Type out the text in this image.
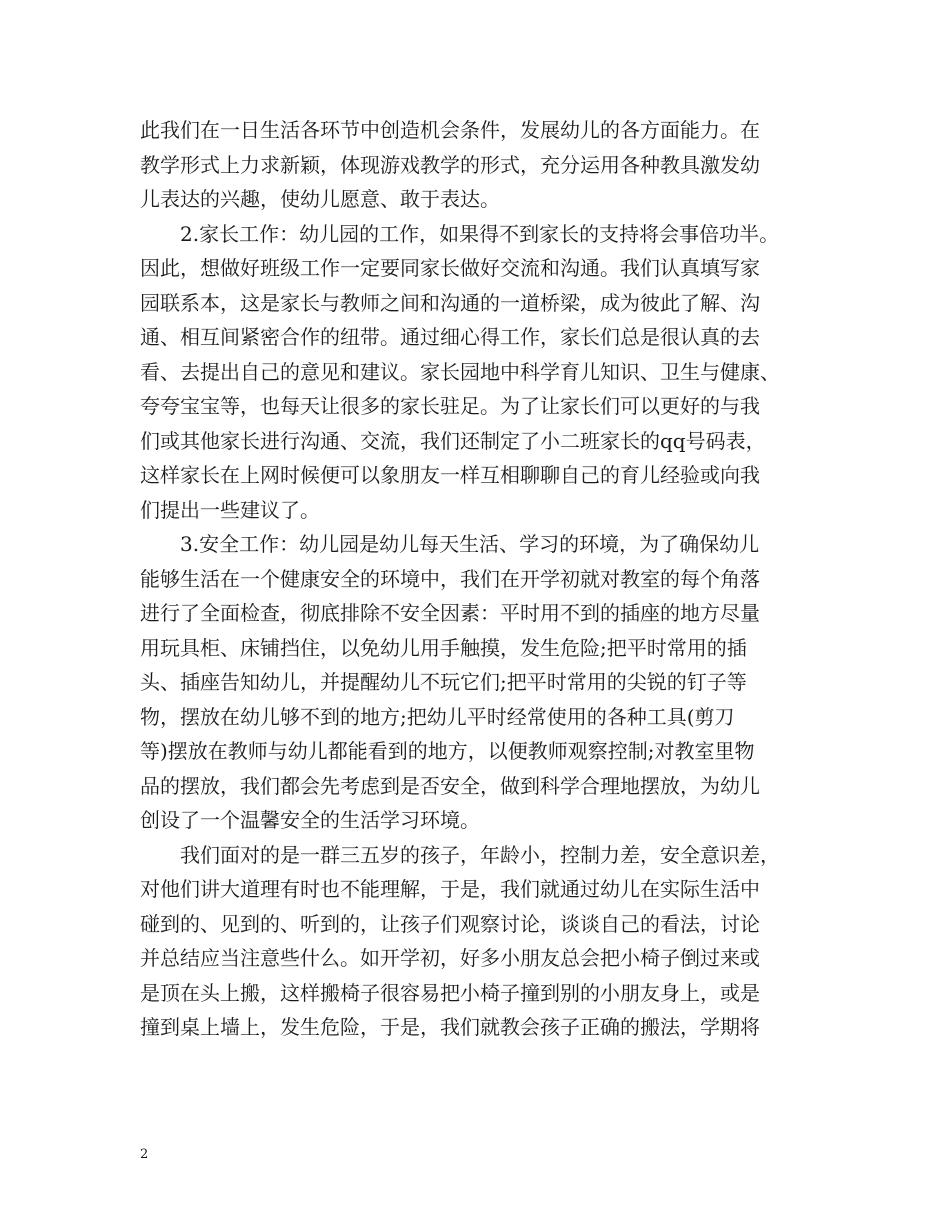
此我们在一日生活各环节中创造机会条件，发展幼儿的各方面能力。在
教学形式上力求新颖，体现游戏教学的形式，充分运用各种教具激发幼
儿表达的兴趣，使幼儿愿意、敢于表达。

2.家长工作：幼儿园的工作，如果得不到家长的支持将会事倍功半。
因此，想做好班级工作一定要同家长做好交流和沟通。我们认真填写家
园联系本，这是家长与教师之间和沟通的一道桥梁，成为彼此了解、沟
通、相互间紧密合作的纽带。通过细心得工作，家长们总是很认真的去
看、去提出自己的意见和建议。家长园地中科学育儿知识、卫生与健康、
夸夸宝宝等，也每天让很多的家长驻足。为了让家长们可以更好的与我
们或其他家长进行沟通、交流，我们还制定了小二班家长的qq号码表，
这样家长在上网时候便可以象朋友一样互相聊聊自己的育儿经验或向我
们提出一些建议了。

3.安全工作：幼儿园是幼儿每天生活、学习的环境，为了确保幼儿
能够生活在一个健康安全的环境中，我们在开学初就对教室的每个角落
进行了全面检查，彻底排除不安全因素：平时用不到的插座的地方尽量
用玩具柜、床铺挡住，以免幼儿用手触摸，发生危险;把平时常用的插
头、插座告知幼儿，并提醒幼儿不玩它们;把平时常用的尖锐的钉子等
物，摆放在幼儿够不到的地方;把幼儿平时经常使用的各种工具(剪刀
等)摆放在教师与幼儿都能看到的地方，以便教师观察控制;对教室里物
品的摆放，我们都会先考虑到是否安全，做到科学合理地摆放，为幼儿
创设了一个温馨安全的生活学习环境。

我们面对的是一群三五岁的孩子，年龄小，控制力差，安全意识差，
对他们讲大道理有时也不能理解，于是，我们就通过幼儿在实际生活中
碰到的、见到的、听到的，让孩子们观察讨论，谈谈自己的看法，讨论
并总结应当注意些什么。如开学初，好多小朋友总会把小椅子倒过来或
是顶在头上搬，这样搬椅子很容易把小椅子撞到别的小朋友身上，或是
撞到桌上墙上，发生危险，于是，我们就教会孩子正确的搬法，学期将

2
